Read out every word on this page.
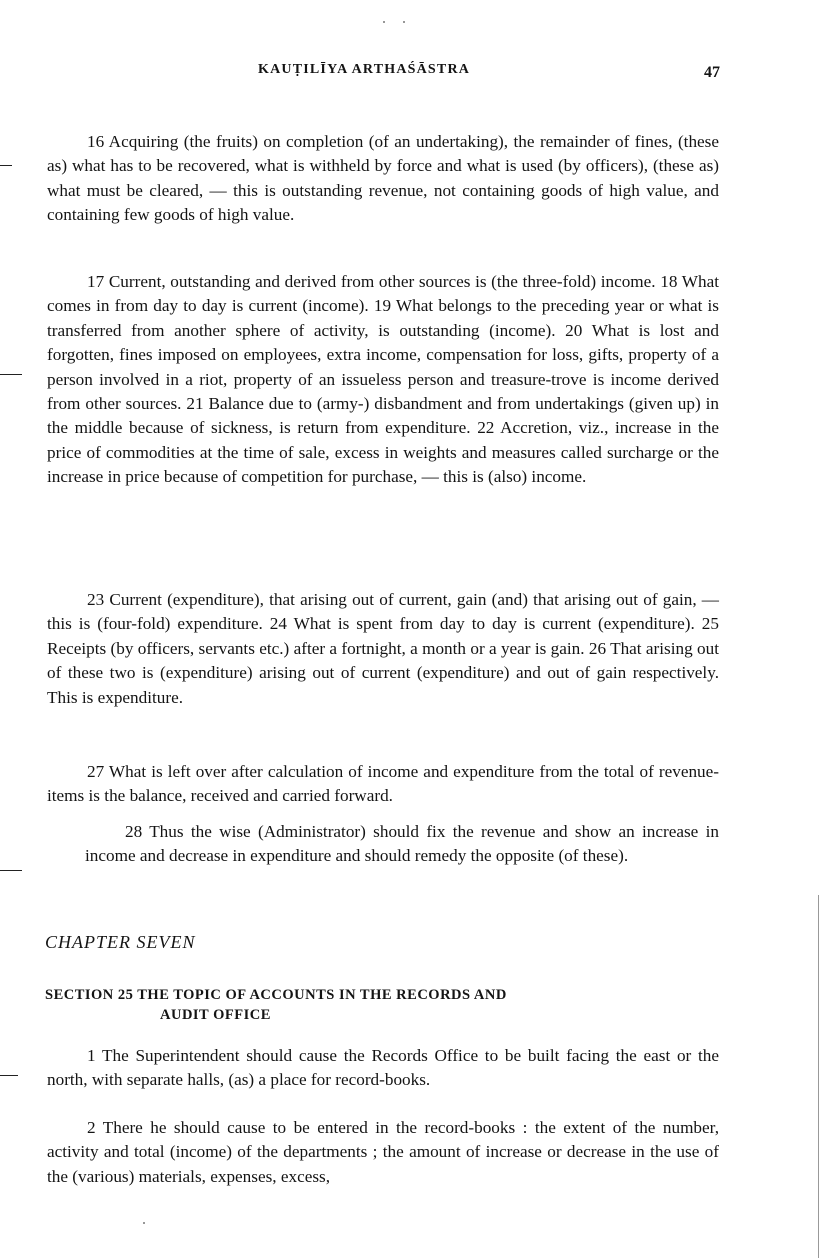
KAUṬILĪYA ARTHAŚĀSTRA	47

16 Acquiring (the fruits) on completion (of an undertaking), the remainder of fines, (these as) what has to be recovered, what is withheld by force and what is used (by officers), (these as) what must be cleared, — this is outstanding revenue, not containing goods of high value, and containing few goods of high value.

17 Current, outstanding and derived from other sources is (the three-fold) income. 18 What comes in from day to day is current (income). 19 What belongs to the preceding year or what is transferred from another sphere of activity, is outstanding (income). 20 What is lost and forgotten, fines imposed on employees, extra income, compensation for loss, gifts, property of a person involved in a riot, property of an issueless person and treasure-trove is income derived from other sources. 21 Balance due to (army-) disbandment and from undertakings (given up) in the middle because of sickness, is return from expenditure. 22 Accretion, viz., increase in the price of commodities at the time of sale, excess in weights and measures called surcharge or the increase in price because of competition for purchase, — this is (also) income.

23 Current (expenditure), that arising out of current, gain (and) that arising out of gain, — this is (four-fold) expenditure. 24 What is spent from day to day is current (expenditure). 25 Receipts (by officers, servants etc.) after a fortnight, a month or a year is gain. 26 That arising out of these two is (expenditure) arising out of current (expenditure) and out of gain respectively. This is expenditure.

27 What is left over after calculation of income and expenditure from the total of revenue-items is the balance, received and carried forward.

28 Thus the wise (Administrator) should fix the revenue and show an increase in income and decrease in expenditure and should remedy the opposite (of these).

CHAPTER SEVEN
SECTION 25 THE TOPIC OF ACCOUNTS IN THE RECORDS AND
AUDIT OFFICE

1 The Superintendent should cause the Records Office to be built facing the east or the north, with separate halls, (as) a place for record-books.

2 There he should cause to be entered in the record-books : the extent of the number, activity and total (income) of the departments ; the amount of increase or decrease in the use of the (various) materials, expenses, excess,
